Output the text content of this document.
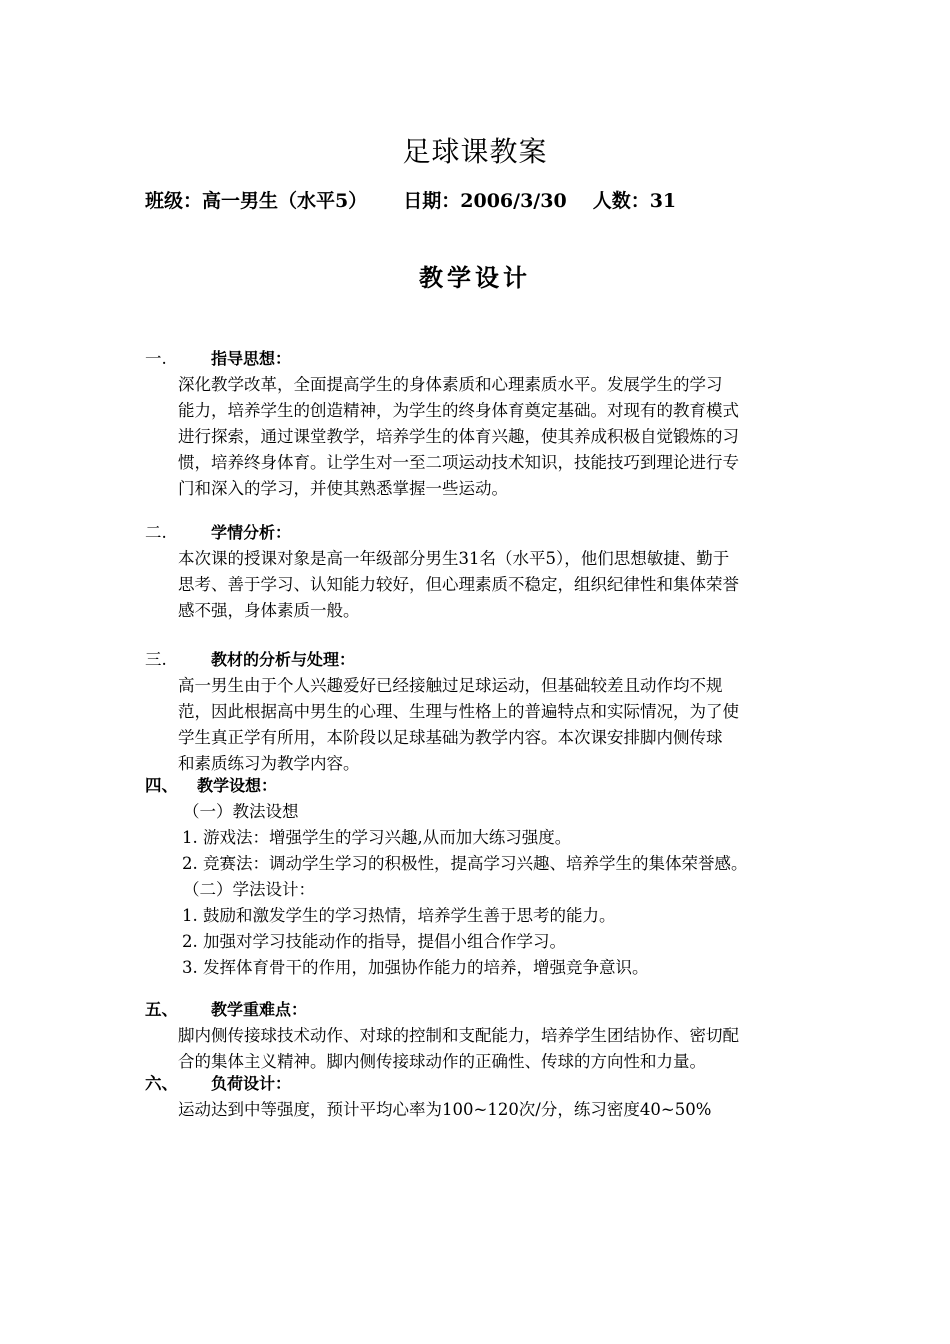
足球课教案
班级：高一男生（水平5） 日期：2006/3/30 人数：31
教学设计
一.	指导思想：
深化教学改革，全面提高学生的身体素质和心理素质水平。发展学生的学习
能力，培养学生的创造精神，为学生的终身体育奠定基础。对现有的教育模式
进行探索，通过课堂教学，培养学生的体育兴趣，使其养成积极自觉锻炼的习
惯，培养终身体育。让学生对一至二项运动技术知识，技能技巧到理论进行专
门和深入的学习，并使其熟悉掌握一些运动。
二.	学情分析：
本次课的授课对象是高一年级部分男生31名（水平5），他们思想敏捷、勤于
思考、善于学习、认知能力较好，但心理素质不稳定，组织纪律性和集体荣誉
感不强，身体素质一般。
三.	教材的分析与处理：
高一男生由于个人兴趣爱好已经接触过足球运动，但基础较差且动作均不规
范，因此根据高中男生的心理、生理与性格上的普遍特点和实际情况，为了使
学生真正学有所用，本阶段以足球基础为教学内容。本次课安排脚内侧传球
和素质练习为教学内容。
四、	教学设想：
（一）教法设想
1. 游戏法：增强学生的学习兴趣,从而加大练习强度。
2. 竞赛法：调动学生学习的积极性，提高学习兴趣、培养学生的集体荣誉感。
（二）学法设计：
1. 鼓励和激发学生的学习热情，培养学生善于思考的能力。
2. 加强对学习技能动作的指导，提倡小组合作学习。
3. 发挥体育骨干的作用，加强协作能力的培养，增强竞争意识。
五、	教学重难点：
脚内侧传接球技术动作、对球的控制和支配能力，培养学生团结协作、密切配
合的集体主义精神。脚内侧传接球动作的正确性、传球的方向性和力量。
六、	负荷设计：
运动达到中等强度，预计平均心率为100~120次/分，练习密度40~50%
